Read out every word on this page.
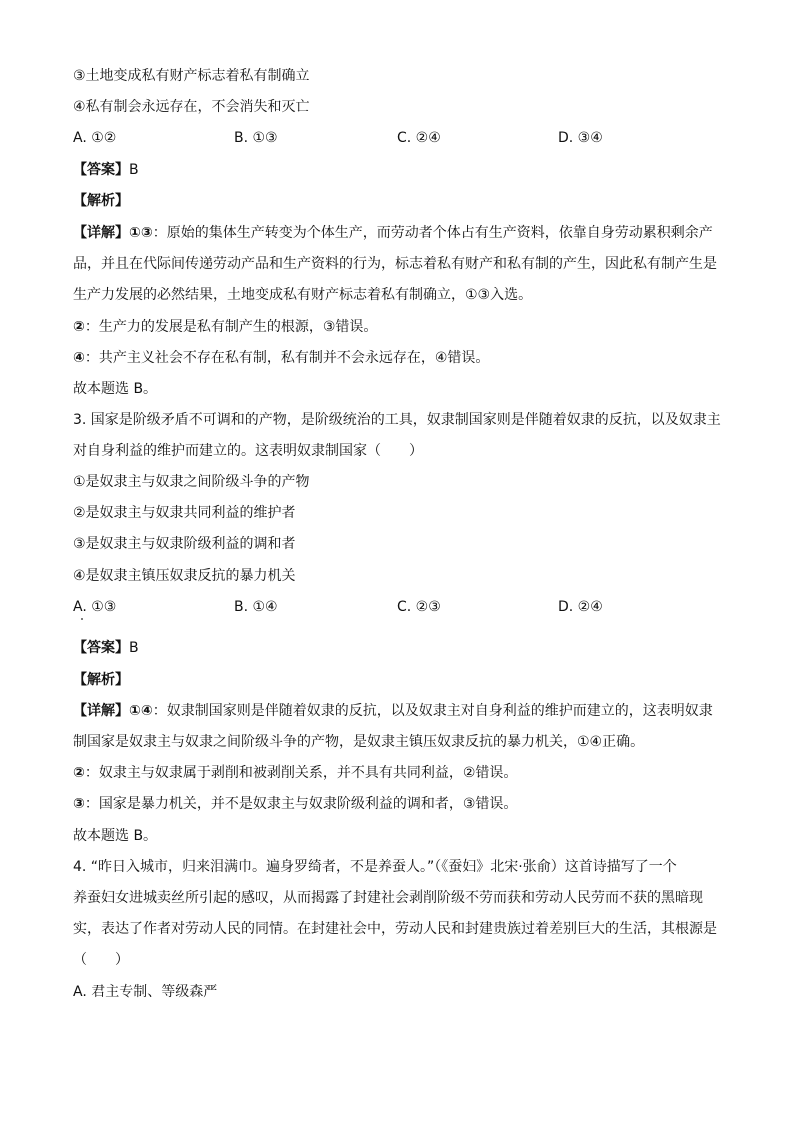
③土地变成私有财产标志着私有制确立
④私有制会永远存在，不会消失和灭亡
A. ①②	B. ①③	C. ②④	D. ③④
【答案】B
【解析】
【详解】①③：原始的集体生产转变为个体生产，而劳动者个体占有生产资料，依靠自身劳动累积剩余产
品，并且在代际间传递劳动产品和生产资料的行为，标志着私有财产和私有制的产生，因此私有制产生是
生产力发展的必然结果，土地变成私有财产标志着私有制确立，①③入选。
②：生产力的发展是私有制产生的根源，③错误。
④：共产主义社会不存在私有制，私有制并不会永远存在，④错误。
故本题选 B。
3. 国家是阶级矛盾不可调和的产物，是阶级统治的工具，奴隶制国家则是伴随着奴隶的反抗，以及奴隶主
对自身利益的维护而建立的。这表明奴隶制国家（　　）
①是奴隶主与奴隶之间阶级斗争的产物
②是奴隶主与奴隶共同利益的维护者
③是奴隶主与奴隶阶级利益的调和者
④是奴隶主镇压奴隶反抗的暴力机关
A. ①③	B. ①④	C. ②③	D. ②④
【答案】B
【解析】
【详解】①④：奴隶制国家则是伴随着奴隶的反抗，以及奴隶主对自身利益的维护而建立的，这表明奴隶
制国家是奴隶主与奴隶之间阶级斗争的产物，是奴隶主镇压奴隶反抗的暴力机关，①④正确。
②：奴隶主与奴隶属于剥削和被剥削关系，并不具有共同利益，②错误。
③：国家是暴力机关，并不是奴隶主与奴隶阶级利益的调和者，③错误。
故本题选 B。
4. “昨日入城市，归来泪满巾。遍身罗绮者，不是养蚕人。”（《蚕妇》北宋·张俞）这首诗描写了一个
养蚕妇女进城卖丝所引起的感叹，从而揭露了封建社会剥削阶级不劳而获和劳动人民劳而不获的黑暗现
实，表达了作者对劳动人民的同情。在封建社会中，劳动人民和封建贵族过着差别巨大的生活，其根源是
（　　）
A. 君主专制、等级森严
